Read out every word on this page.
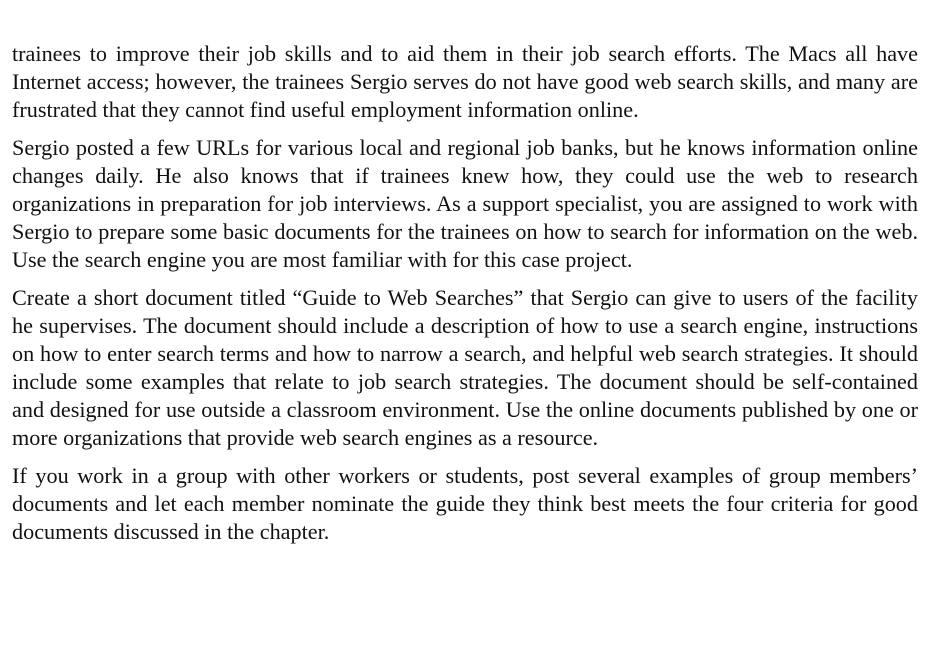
trainees to improve their job skills and to aid them in their job search efforts. The Macs all have Internet access; however, the trainees Sergio serves do not have good web search skills, and many are frustrated that they cannot find useful employment information online.

Sergio posted a few URLs for various local and regional job banks, but he knows information online changes daily. He also knows that if trainees knew how, they could use the web to research organizations in preparation for job interviews. As a support specialist, you are assigned to work with Sergio to prepare some basic documents for the trainees on how to search for information on the web. Use the search engine you are most familiar with for this case project.

Create a short document titled “Guide to Web Searches” that Sergio can give to users of the facility he supervises. The document should include a description of how to use a search engine, instructions on how to enter search terms and how to narrow a search, and helpful web search strategies. It should include some examples that relate to job search strategies. The document should be self-contained and designed for use outside a classroom environment. Use the online documents published by one or more organizations that provide web search engines as a resource.

If you work in a group with other workers or students, post several examples of group members’ documents and let each member nominate the guide they think best meets the four criteria for good documents discussed in the chapter.
